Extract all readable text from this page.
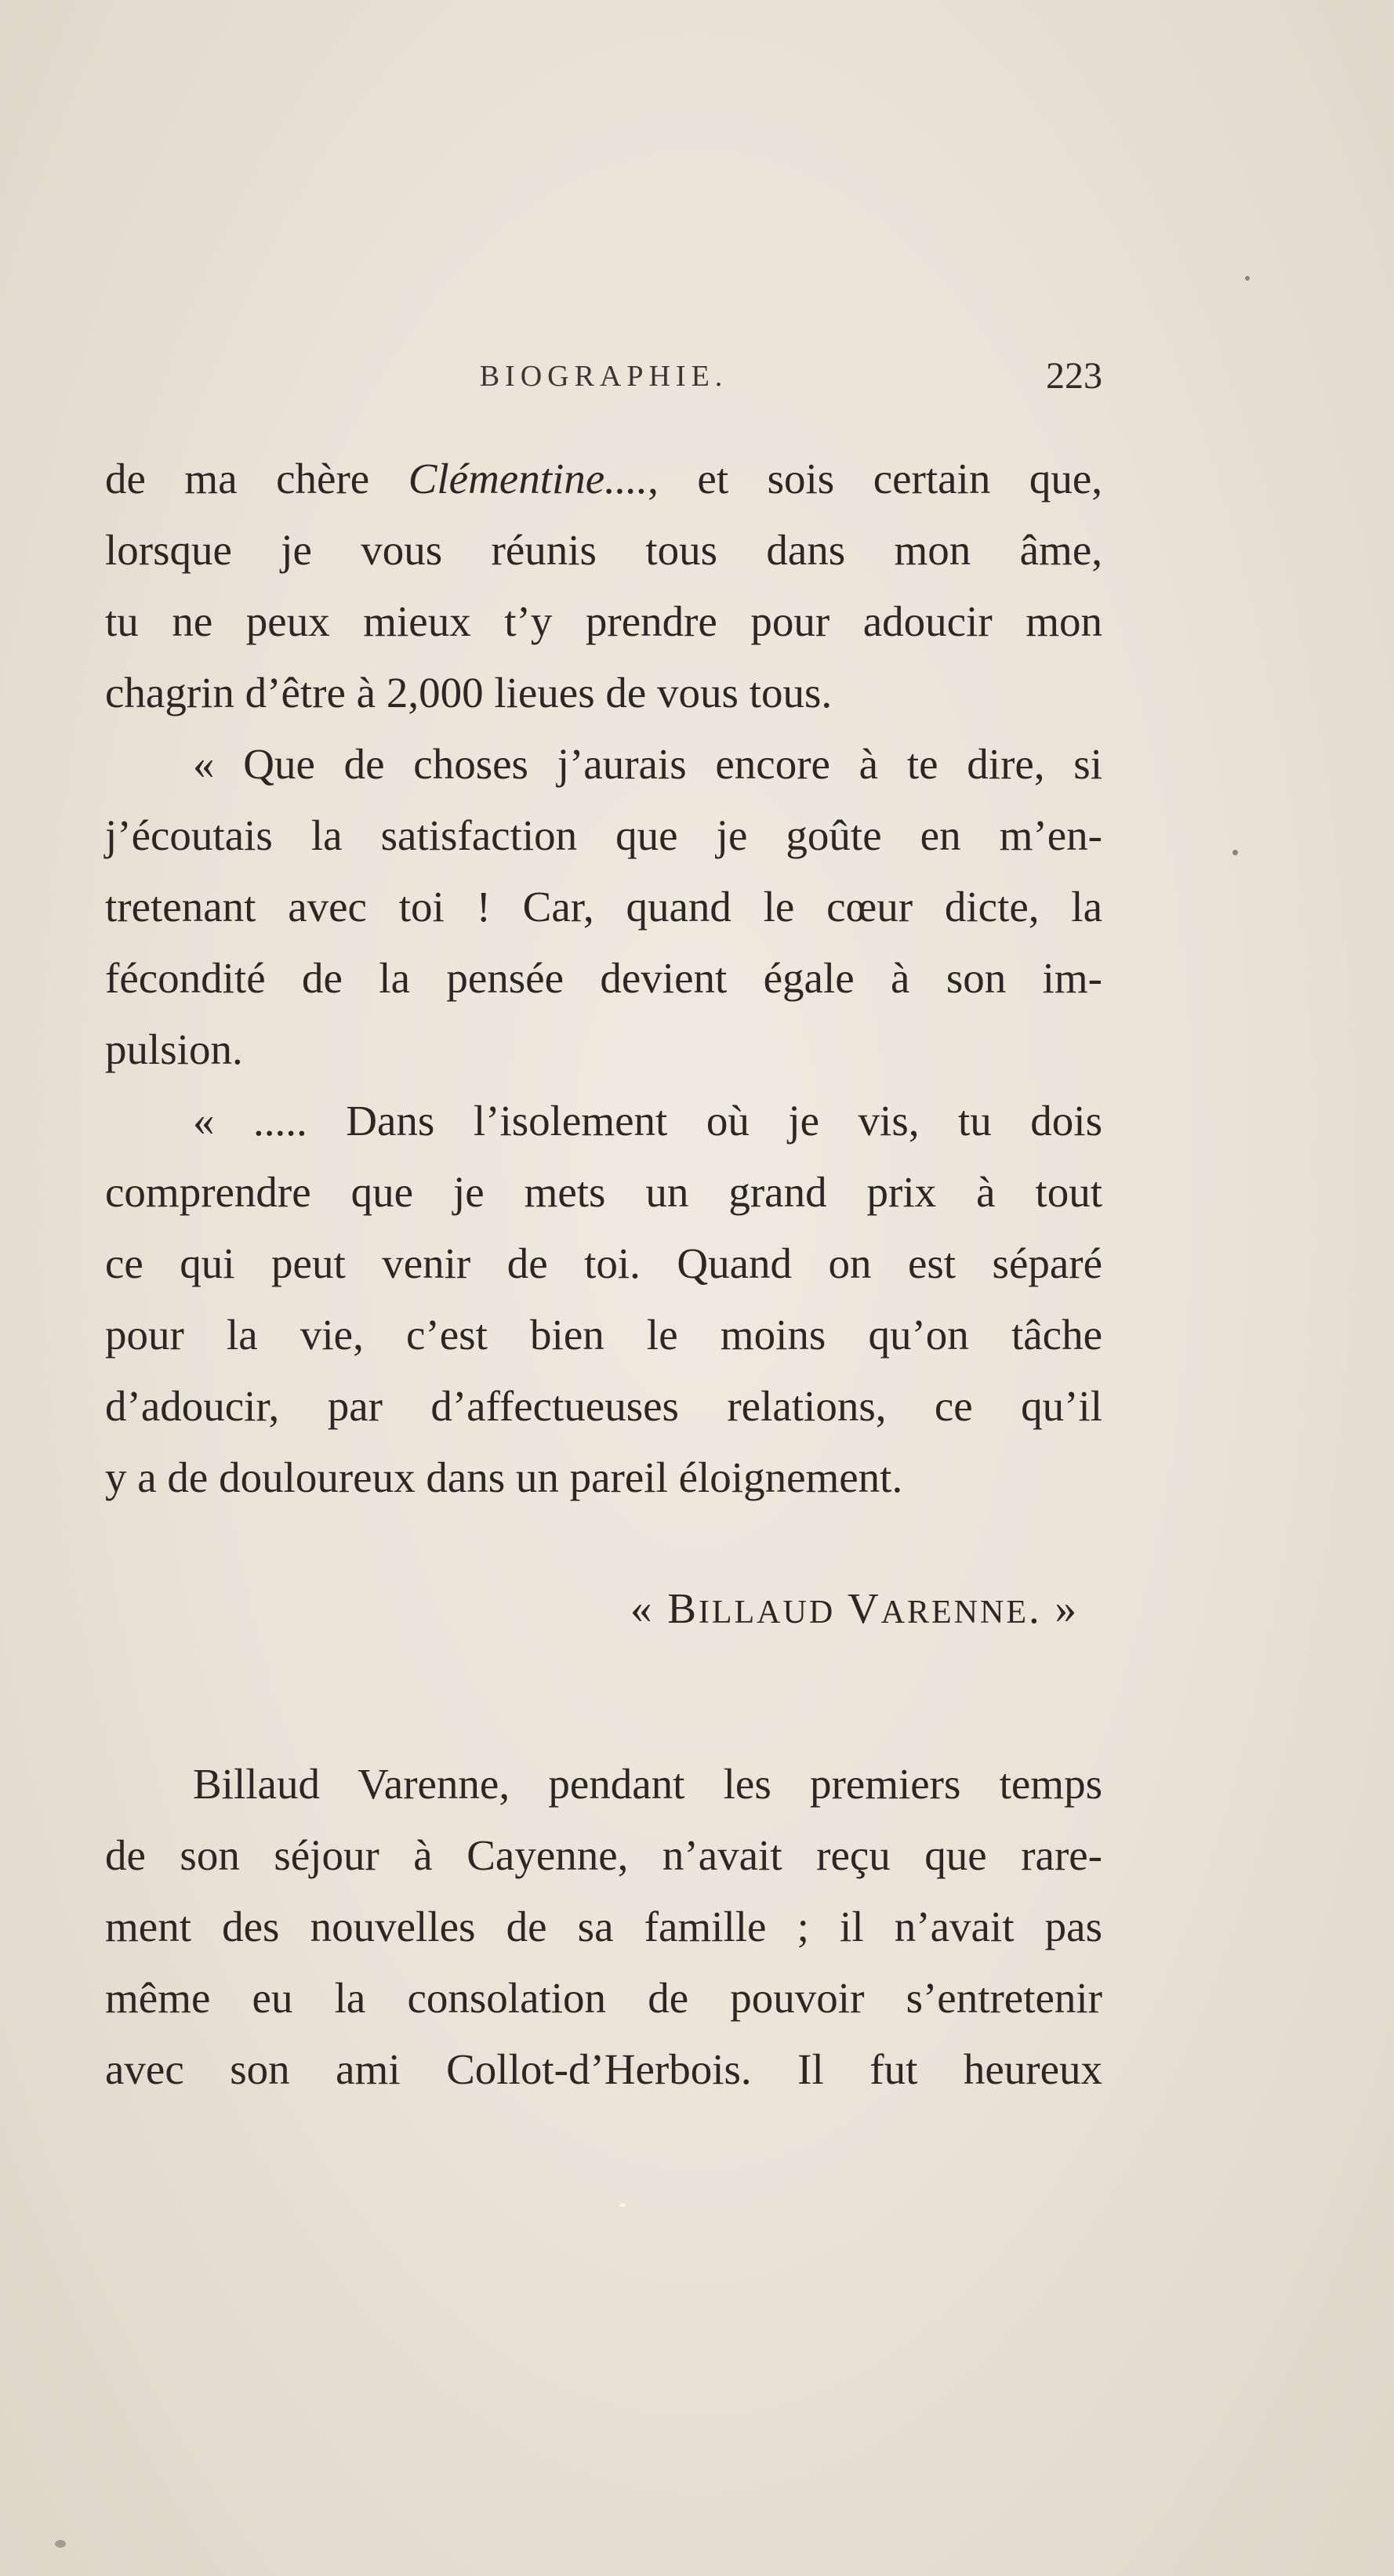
BIOGRAPHIE.	223

de ma chère Clémentine...., et sois certain que,
lorsque je vous réunis tous dans mon âme,
tu ne peux mieux t’y prendre pour adoucir mon
chagrin d’être à 2,000 lieues de vous tous.

« Que de choses j’aurais encore à te dire, si
j’écoutais la satisfaction que je goûte en m’en-
tretenant avec toi ! Car, quand le cœur dicte, la
fécondité de la pensée devient égale à son im-
pulsion.

« ..... Dans l’isolement où je vis, tu dois
comprendre que je mets un grand prix à tout
ce qui peut venir de toi. Quand on est séparé
pour la vie, c’est bien le moins qu’on tâche
d’adoucir, par d’affectueuses relations, ce qu’il
y a de douloureux dans un pareil éloignement.

« BILLAUD VARENNE. »

Billaud Varenne, pendant les premiers temps
de son séjour à Cayenne, n’avait reçu que rare-
ment des nouvelles de sa famille ; il n’avait pas
même eu la consolation de pouvoir s’entretenir
avec son ami Collot-d’Herbois. Il fut heureux
